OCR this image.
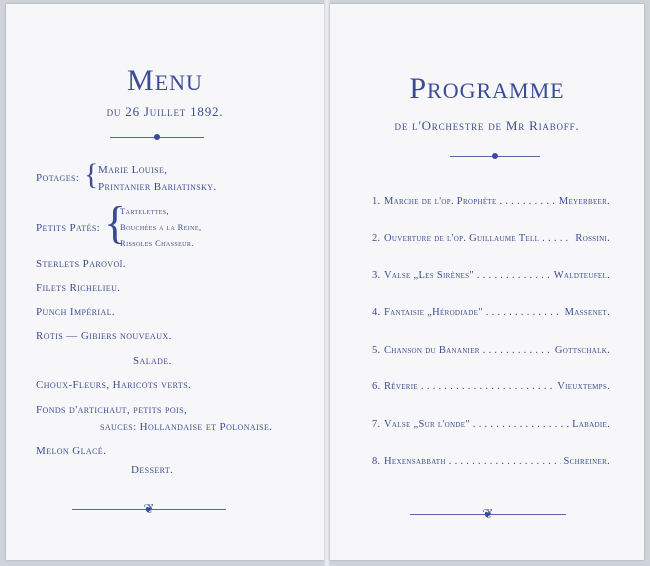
MENU
du 26 Juillet 1892.
Potages: { Marie Louise,
Printanier Bariatinsky.
Petits Patés: {
Tartelettes,
Bouchées a la Reine,
Rissoles Chasseur.
Sterlets Parovoï.
Filets Richelieu.
Punch Impérial.
Rotis — Gibiers nouveaux.
Salade.
Choux-Fleurs, Haricots verts.
Fonds d'artichaut, petits pois,
sauces: Hollandaise et Polonaise.
Melon Glacé.
Dessert.
❦
PROGRAMME
de l'Orchestre de Mr Riaboff.
1. Marche de l'op. Prophète . . .	Meyerbeer.
2. Ouverture de l'op. Guillaume Tell . . .	Rossini.
3. Valse „Les Sirènes" . . .	Waldteufel.
4. Fantaisie „Hérodiade" . . .	Massenet.
5. Chanson du Bananier . . .	Gottschalk.
6. Rêverie . . .	Vieuxtemps.
7. Valse „Sur l'onde" . . .	Labadie.
8. Hexensabbath . . .	Schreiner.
❦
